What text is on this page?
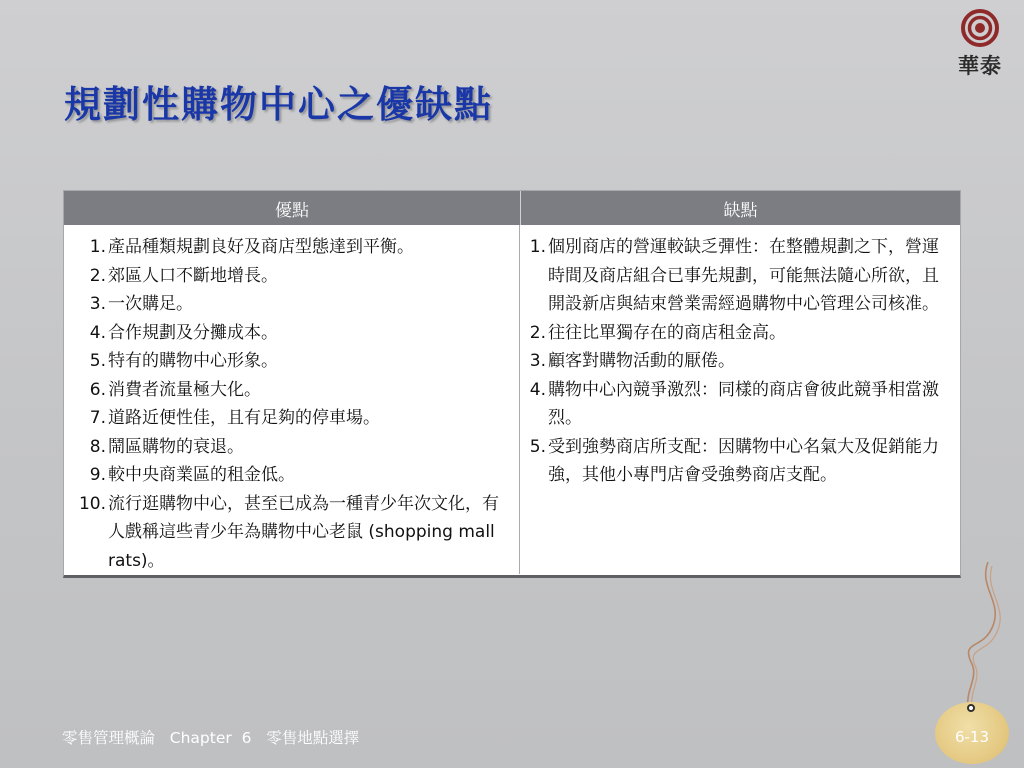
華泰
規劃性購物中心之優缺點
優點	缺點
1. 產品種類規劃良好及商店型態達到平衡。
2. 郊區人口不斷地增長。
3. 一次購足。
4. 合作規劃及分攤成本。
5. 特有的購物中心形象。
6. 消費者流量極大化。
7. 道路近便性佳，且有足夠的停車場。
8. 鬧區購物的衰退。
9. 較中央商業區的租金低。
10. 流行逛購物中心，甚至已成為一種青少年次文化，有人戲稱這些青少年為購物中心老鼠 (shopping mall rats)。
1. 個別商店的營運較缺乏彈性：在整體規劃之下，營運時間及商店組合已事先規劃，可能無法隨心所欲，且開設新店與結束營業需經過購物中心管理公司核准。
2. 往往比單獨存在的商店租金高。
3. 顧客對購物活動的厭倦。
4. 購物中心內競爭激烈：同樣的商店會彼此競爭相當激烈。
5. 受到強勢商店所支配：因購物中心名氣大及促銷能力強，其他小專門店會受強勢商店支配。
零售管理概論   Chapter  6   零售地點選擇	6-13
